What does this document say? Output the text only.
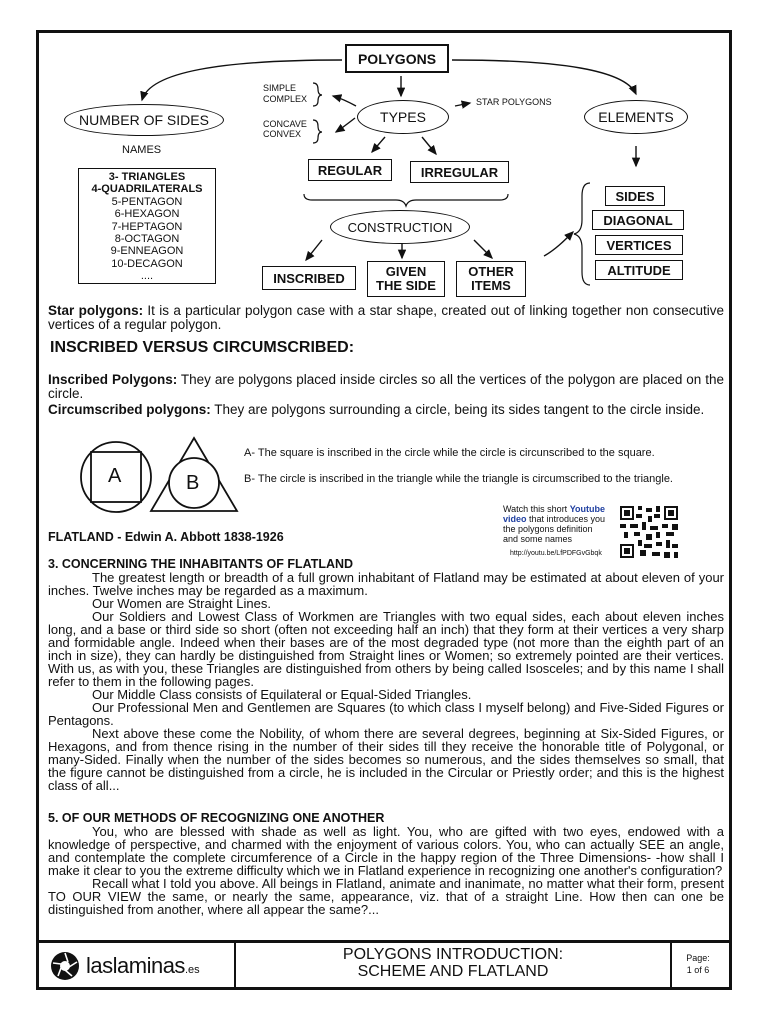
POLYGONS
NUMBER OF SIDES
NAMES
3- TRIANGLES
4-QUADRILATERALS
5-PENTAGON
6-HEXAGON
7-HEPTAGON
8-OCTAGON
9-ENNEAGON
10-DECAGON
....
SIMPLE
COMPLEX
CONCAVE
CONVEX
TYPES
STAR POLYGONS
REGULAR	IRREGULAR
CONSTRUCTION
INSCRIBED	GIVEN
THE SIDE
OTHER
ITEMS
ELEMENTS
SIDES
DIAGONAL
VERTICES
ALTITUDE

Star polygons: It is a particular polygon case with a star shape, created out of linking together non consecutive vertices of a regular polygon.

INSCRIBED VERSUS CIRCUMSCRIBED:

Inscribed Polygons: They are polygons placed inside circles so all the vertices of the polygon are placed on the circle.

Circumscribed polygons: They are polygons surrounding a circle, being its sides tangent to the circle inside.

A	B
A- The square is inscribed in the circle while the circle is circunscribed to the square.
B- The circle is inscribed in the triangle while the triangle is circumscribed to the triangle.
Watch this short Youtube
video that introduces you
the polygons definition
and some names
http://youtu.be/LfPDFGvGbqk
FLATLAND - Edwin A. Abbott 1838-1926
3. CONCERNING THE INHABITANTS OF FLATLAND

The greatest length or breadth of a full grown inhabitant of Flatland may be estimated at about eleven of your inches. Twelve inches may be regarded as a maximum.

Our Women are Straight Lines.

Our Soldiers and Lowest Class of Workmen are Triangles with two equal sides, each about eleven inches long, and a base or third side so short (often not exceeding half an inch) that they form at their vertices a very sharp and formidable angle. Indeed when their bases are of the most degraded type (not more than the eighth part of an inch in size), they can hardly be distinguished from Straight lines or Women; so extremely pointed are their vertices. With us, as with you, these Triangles are distinguished from others by being called Isosceles; and by this name I shall refer to them in the following pages.

Our Middle Class consists of Equilateral or Equal-Sided Triangles.

Our Professional Men and Gentlemen are Squares (to which class I myself belong) and Five-Sided Figures or Pentagons.

Next above these come the Nobility, of whom there are several degrees, beginning at Six-Sided Figures, or Hexagons, and from thence rising in the number of their sides till they receive the honorable title of Polygonal, or many-Sided. Finally when the number of the sides becomes so numerous, and the sides themselves so small, that the figure cannot be distinguished from a circle, he is included in the Circular or Priestly order; and this is the highest class of all...

5. OF OUR METHODS OF RECOGNIZING ONE ANOTHER

You, who are blessed with shade as well as light. You, who are gifted with two eyes, endowed with a knowledge of perspective, and charmed with the enjoyment of various colors. You, who can actually SEE an angle, and contemplate the complete circumference of a Circle in the happy region of the Three Dimensions- -how shall I make it clear to you the extreme difficulty which we in Flatland experience in recognizing one another's configuration?

Recall what I told you above. All beings in Flatland, animate and inanimate, no matter what their form, present TO OUR VIEW the same, or nearly the same, appearance, viz. that of a straight Line. How then can one be distinguished from another, where all appear the same?...

laslaminas .es
POLYGONS INTRODUCTION:
SCHEME AND FLATLAND
Page:
1 of 6
